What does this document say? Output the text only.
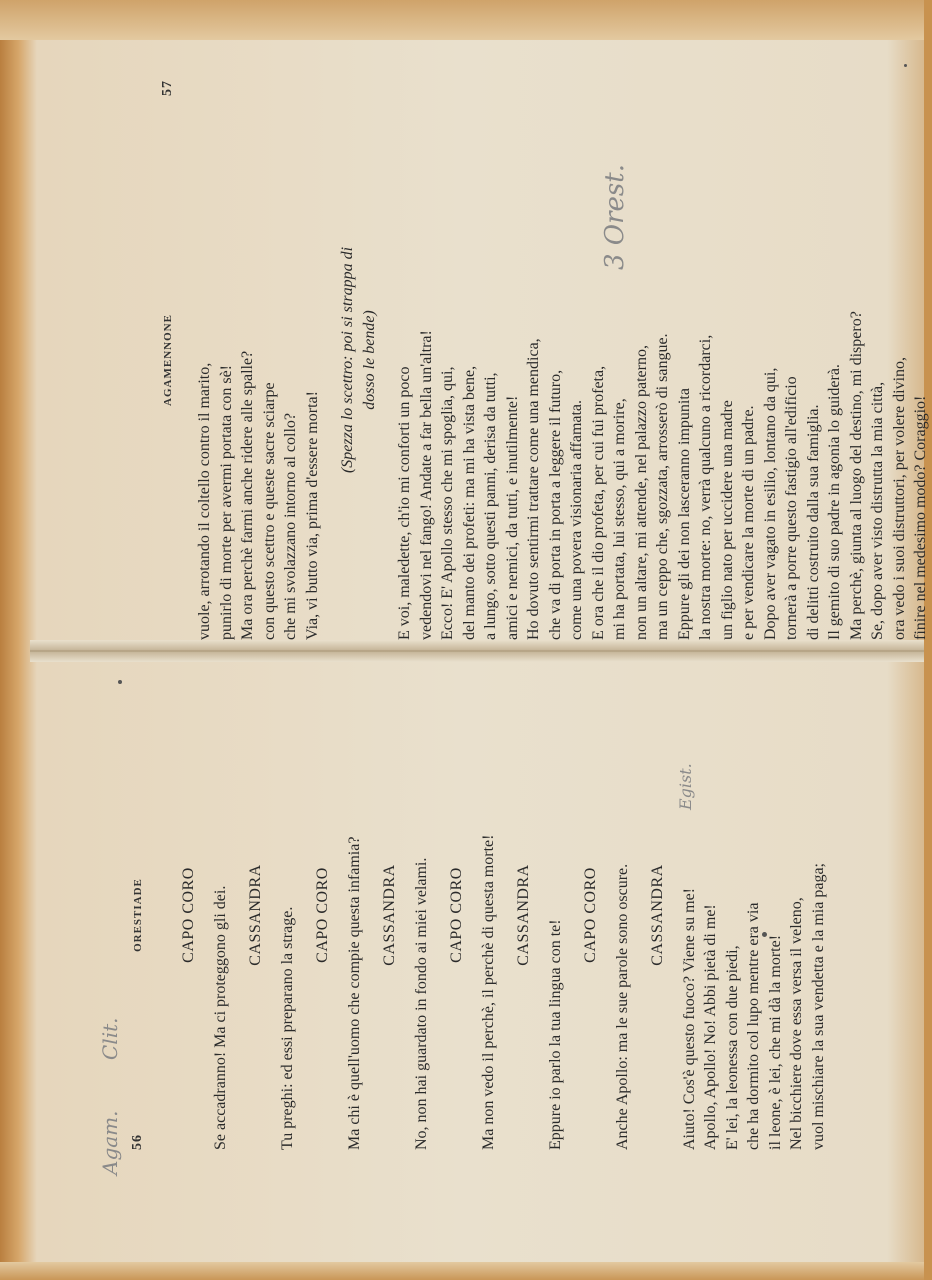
AGAMENNONE
57
vuole, arrotando il coltello contro il marito, punirlo di morte per avermi portata con sè! Ma ora perchè farmi anche ridere alle spalle? con questo scettro e queste sacre sciarpe che mi svolazzano intorno al collo? Via, vi butto via, prima d'essere morta!
(Spezza lo scettro: poi si strappa di dosso le bende)
E voi, maledette, ch'io mi conforti un poco vedendovi nel fango! Andate a far bella un'altra! Ecco! E' Apollo stesso che mi spoglia, qui, del manto dei profeti: ma mi ha vista bene, a lungo, sotto questi panni, derisa da tutti, amici e nemici, da tutti, e inutilmente! Ho dovuto sentirmi trattare come una mendica, che va di porta in porta a leggere il futuro, come una povera visionaria affamata. E ora che il dio profeta, per cui fui profeta, mi ha portata, lui stesso, qui a morire, non un altare, mi attende, nel palazzo paterno, ma un ceppo che, sgozzata, arrosserò di sangue. Eppure gli dei non lasceranno impunita la nostra morte: no, verrà qualcuno a ricordarci, un figlio nato per uccidere una madre e per vendicare la morte di un padre. Dopo aver vagato in esilio, lontano da qui, tornerà a porre questo fastigio all'edificio di delitti costruito dalla sua famiglia. Il gemito di suo padre in agonia lo guiderà. Ma perchè, giunta al luogo del destino, mi dispero? Se, dopo aver visto distrutta la mia città, ora vedo i suoi distruttori, per volere divino, finire nel medesimo modo? Coraggio!
56
ORESTIADE CAPO CORO Se accadranno! Ma ci proteggono gli dei. CASSANDRA Tu preghi: ed essi preparano la strage. CAPO CORO Ma chi è quell'uomo che compie questa infamia? CASSANDRA No, non hai guardato in fondo ai miei velami. CAPO CORO Ma non vedo il perchè, il perchè di questa morte! CASSANDRA
Eppure io parlo la tua lingua con te!
CAPO CORO Anche Apollo: ma le sue parole sono oscure. CASSANDRA Aiuto! Cos'è questo fuoco? Viene su me! Apollo, Apollo! No! Abbi pietà di me! E' lei, la leonessa con due piedi, che ha dormito col lupo mentre era via il leone, è lei, che mi dà la morte! Nel bicchiere dove essa versa il veleno, vuol mischiare la sua vendetta e la mia paga;
Clit.
Egist.
Agam.
3 Orest.
